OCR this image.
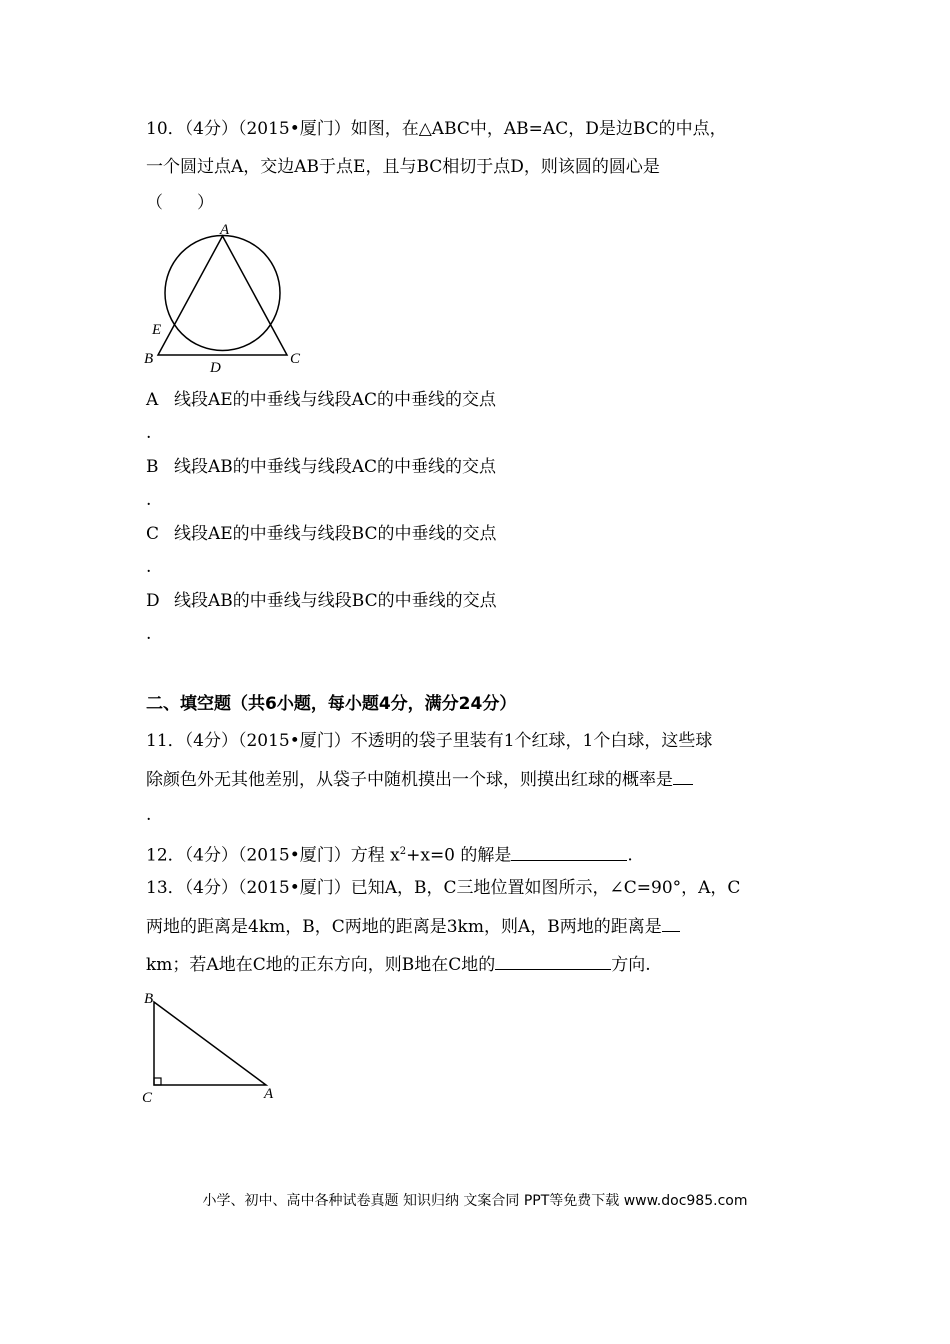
10．（4分）（2015•厦门）如图，在△ABC中，AB=AC，D是边BC的中点，
一个圆过点A，交边AB于点E，且与BC相切于点D，则该圆的圆心是
（　　）
A
E
B
D
C
A 线段AE的中垂线与线段AC的中垂线的交点
.
B 线段AB的中垂线与线段AC的中垂线的交点
.
C 线段AE的中垂线与线段BC的中垂线的交点
.
D 线段AB的中垂线与线段BC的中垂线的交点
.
二、填空题（共6小题，每小题4分，满分24分）
11．（4分）（2015•厦门）不透明的袋子里装有1个红球，1个白球，这些球
除颜色外无其他差别，从袋子中随机摸出一个球，则摸出红球的概率是
.
12．（4分）（2015•厦门）方程 $x^2+x=0$ 的解是	.
13．（4分）（2015•厦门）已知A，B，C三地位置如图所示，∠C=90°，A，C
两地的距离是4km，B，C两地的距离是3km，则A，B两地的距离是
km；若A地在C地的正东方向，则B地在C地的	方向.
B
C	A
小学、初中、高中各种试卷真题 知识归纳 文案合同 PPT等免费下载 www.doc985.com
